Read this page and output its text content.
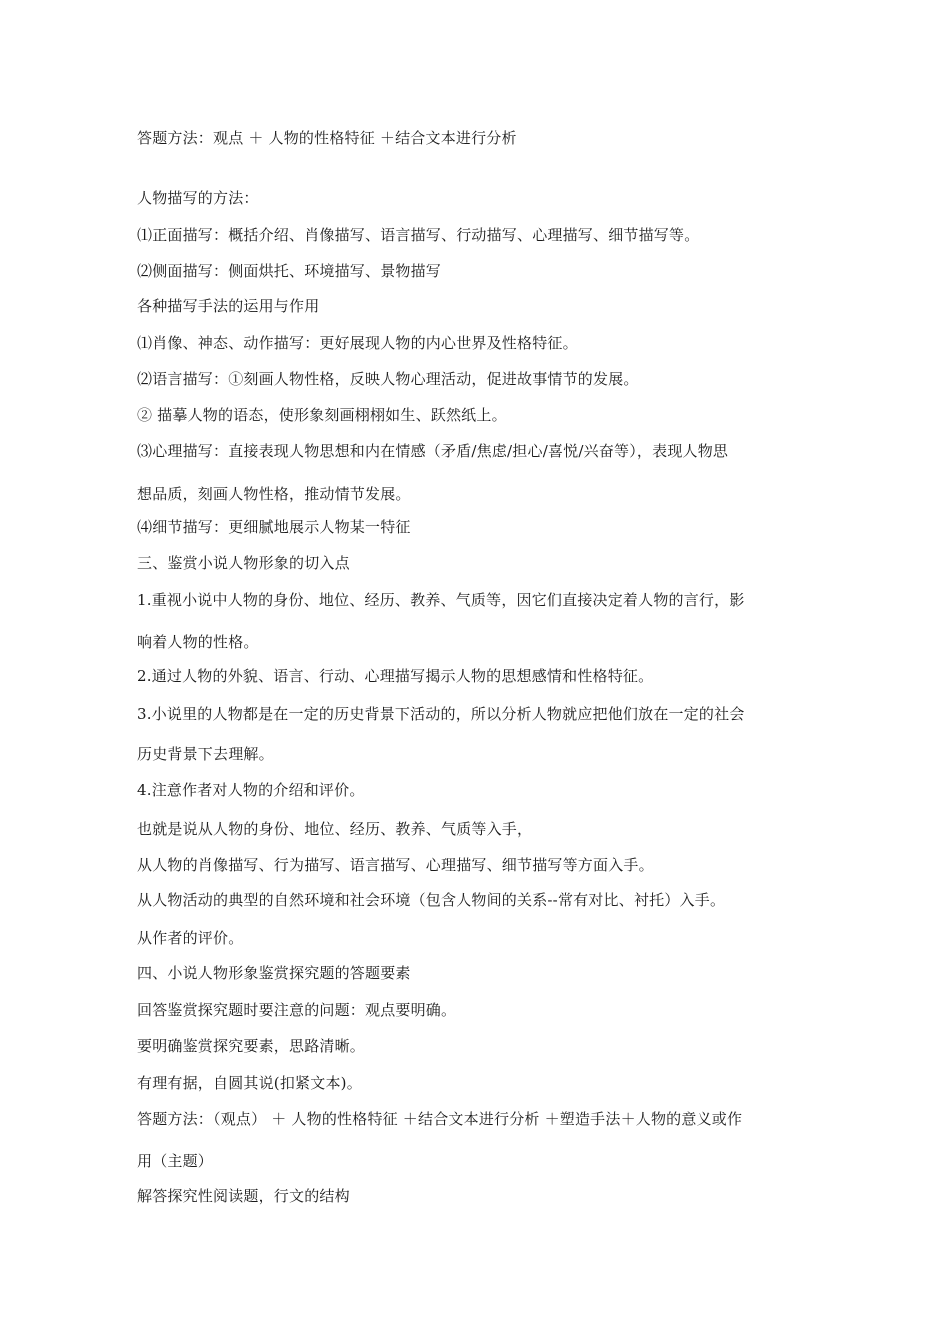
答题方法：观点 ＋ 人物的性格特征 ＋结合文本进行分析
人物描写的方法：
⑴正面描写：概括介绍、肖像描写、语言描写、行动描写、心理描写、细节描写等。
⑵侧面描写：侧面烘托、环境描写、景物描写
各种描写手法的运用与作用
⑴肖像、神态、动作描写：更好展现人物的内心世界及性格特征。
⑵语言描写：①刻画人物性格，反映人物心理活动，促进故事情节的发展。
② 描摹人物的语态，使形象刻画栩栩如生、跃然纸上。
⑶心理描写：直接表现人物思想和内在情感（矛盾/焦虑/担心/喜悦/兴奋等），表现人物思
想品质，刻画人物性格，推动情节发展。
⑷细节描写：更细腻地展示人物某一特征
三、鉴赏小说人物形象的切入点
1.重视小说中人物的身份、地位、经历、教养、气质等，因它们直接决定着人物的言行，影
响着人物的性格。
2.通过人物的外貌、语言、行动、心理描写揭示人物的思想感情和性格特征。
3.小说里的人物都是在一定的历史背景下活动的，所以分析人物就应把他们放在一定的社会
历史背景下去理解。
4.注意作者对人物的介绍和评价。
也就是说从人物的身份、地位、经历、教养、气质等入手，
从人物的肖像描写、行为描写、语言描写、心理描写、细节描写等方面入手。
从人物活动的典型的自然环境和社会环境（包含人物间的关系--常有对比、衬托）入手。
从作者的评价。
四、小说人物形象鉴赏探究题的答题要素
回答鉴赏探究题时要注意的问题：观点要明确。
要明确鉴赏探究要素，思路清晰。
有理有据，自圆其说(扣紧文本)。
答题方法：（观点） ＋ 人物的性格特征 ＋结合文本进行分析 ＋塑造手法＋人物的意义或作
用（主题）
解答探究性阅读题，行文的结构
